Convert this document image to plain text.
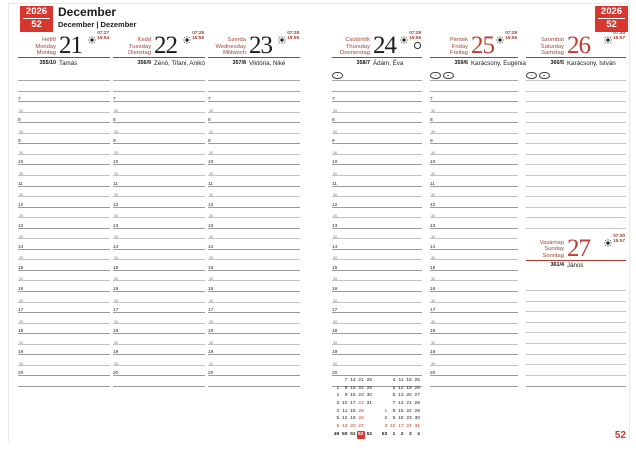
2026
52
December
December | Dezember
2026
52
Hétfő
Monday
Montag 21	07:27
15:54
355/10 Tamás
7
30
8
30
9
30
10
30
11
30
12
30
13
30
14
30
15
30
16
30
17
30
18
30
19
30
20
Kedd
Tuesday
Dienstag 22	07:28
15:55
356/9 Zénó, Tifani, Anikó
7
30
8
30
9
30
10
30
11
30
12
30
13
30
14
30
15
30
16
30
17
30
18
30
19
30
20
Szerda
Wednesday
Mittwoch 23	07:28
15:55
357/8 Viktória, Niké
7
30
8
30
9
30
10
30
11
30
12
30
13
30
14
30
15
30
16
30
17
30
18
30
19
30
20
Csütörtök
Thursday
Donnerstag 24	07:29
15:56
358/7 Ádám, Éva
7
30
8
30
9
30
10
30
11
30
12
30
13
30
14
30
15
30
16
30
17
30
18
30
19
30
20
Péntek
Friday
Freitag 25 07:29
15:56
359/6 Karácsony, Eugénia
7
30
8
30
9
30
10
30
11
30
12
30
13
30
14
30
15
30
16
30
17
30
18
30
19
30
20
Szombat
Saturday
Samstag 26	07:30
15:57
360/5 Karácsony, István
Vasárnap
Sunday
Sonntag 27	07:30
15:57
361/4 János
7 14 21 28	4 11 18 25
1	8 15 22 29	5 12 19 26
2	9 16 23 30	6 13 20 27
3 10 17 24 31	7 14 21 28
4 11 18 25	1	8 15 22 29
5 12 19 26	2	9 16 23 30
6 13 20 27	3 10 17 24 31
49 50 51 52 53	53	1	2	3	4	52
